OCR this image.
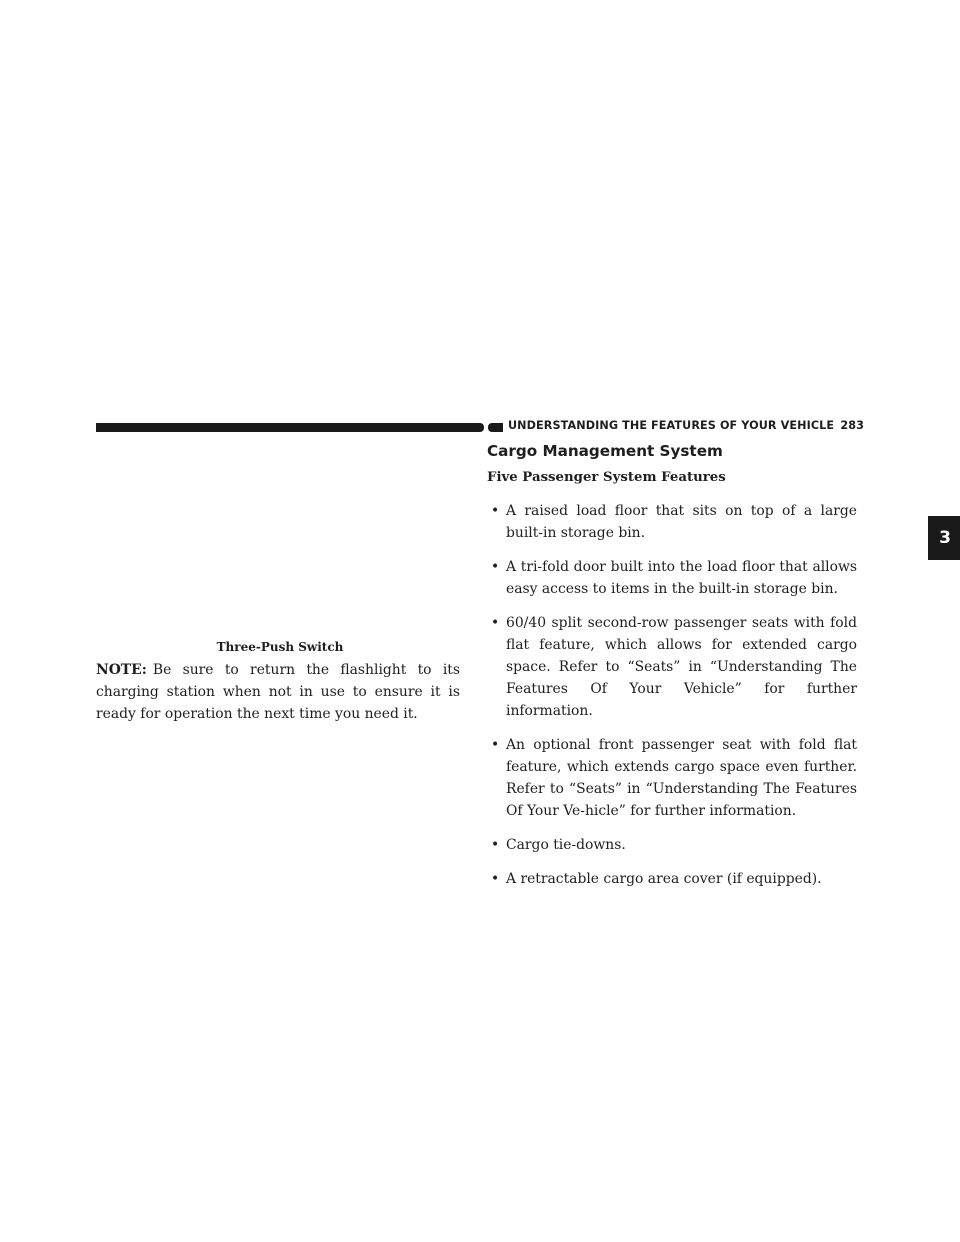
UNDERSTANDING THE FEATURES OF YOUR VEHICLE 283
3
Three-Push Switch
NOTE: Be sure to return the flashlight to its charging station when not in use to ensure it is ready for operation the next time you need it.
Cargo Management System
Five Passenger System Features
• A raised load floor that sits on top of a large built-in storage bin.
• A tri-fold door built into the load floor that allows easy access to items in the built-in storage bin.
• 60/40 split second-row passenger seats with fold flat feature, which allows for extended cargo space. Refer to “Seats” in “Understanding The Features Of Your Vehicle” for further information.
• An optional front passenger seat with fold flat feature, which extends cargo space even further. Refer to “Seats” in “Understanding The Features Of Your Ve-hicle” for further information.
• Cargo tie-downs.
• A retractable cargo area cover (if equipped).
